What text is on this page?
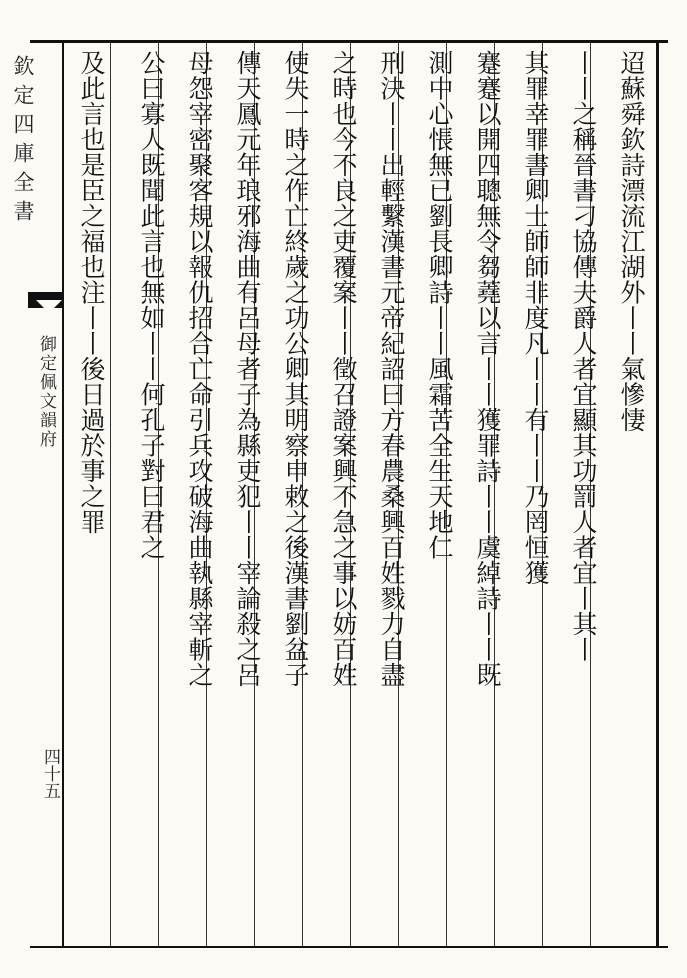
欽定四庫全書
御定佩文韻府
四十五

迢蘇舜欽詩漂流江湖外丨丨氣慘悽

丨丨之稱晉書刁協傳夫爵人者宜顯其功罰人者宜丨其丨

其罪幸罪書卿士師師非度凡丨丨有丨丨乃罔恒獲

蹇蹇以開四聰無令芻蕘以言丨丨獲罪詩丨丨虞綽詩丨丨既

測中心悵無已劉長卿詩丨丨風霜苦全生天地仁

刑決丨丨出輕繫漢書元帝紀詔曰方春農桑興百姓戮力自盡

之時也今不良之吏覆案丨丨徵召證案興不急之事以妨百姓

使失一時之作亡終歲之功公卿其明察申敕之後漢書劉盆子

傳天鳳元年琅邪海曲有呂母者子為縣吏犯丨丨宰論殺之呂

母怨宰密聚客規以報仇招合亡命引兵攻破海曲執縣宰斬之

公曰寡人既聞此言也無如丨丨何孔子對曰君之

及此言也是臣之福也注丨丨後日過於事之罪
